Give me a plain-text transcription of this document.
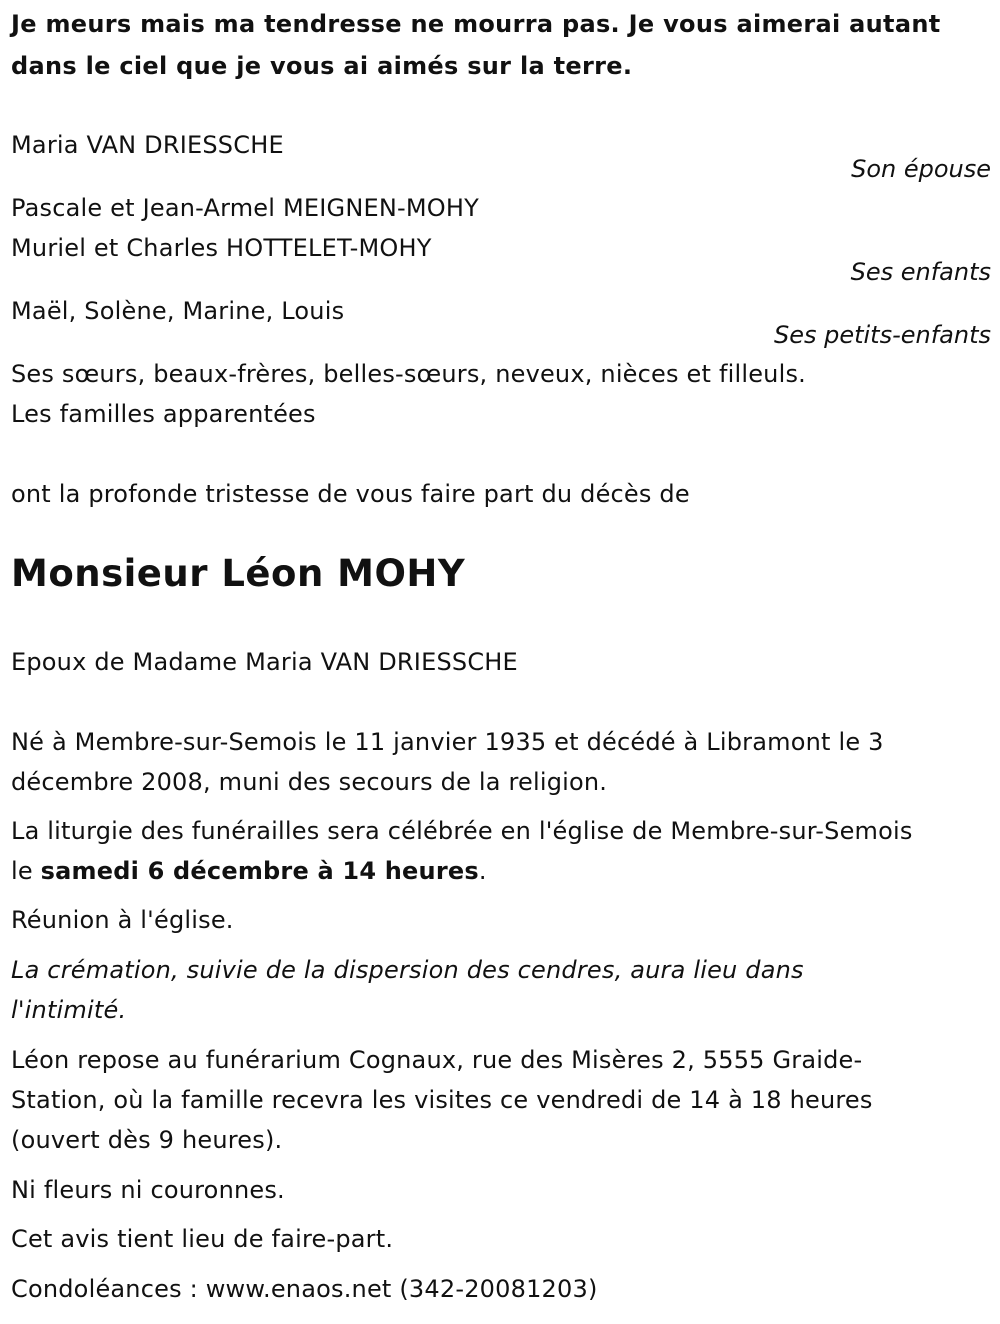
Je meurs mais ma tendresse ne mourra pas. Je vous aimerai autant
dans le ciel que je vous ai aimés sur la terre.
Maria VAN DRIESSCHE
Son épouse
Pascale et Jean-Armel MEIGNEN-MOHY
Muriel et Charles HOTTELET-MOHY
Ses enfants
Maël, Solène, Marine, Louis
Ses petits-enfants
Ses sœurs, beaux-frères, belles-sœurs, neveux, nièces et filleuls.
Les familles apparentées
ont la profonde tristesse de vous faire part du décès de
Monsieur Léon MOHY
Epoux de Madame Maria VAN DRIESSCHE
Né à Membre-sur-Semois le 11 janvier 1935 et décédé à Libramont le 3
décembre 2008, muni des secours de la religion.
La liturgie des funérailles sera célébrée en l'église de Membre-sur-Semois
le samedi 6 décembre à 14 heures.
Réunion à l'église.
La crémation, suivie de la dispersion des cendres, aura lieu dans
l'intimité.
Léon repose au funérarium Cognaux, rue des Misères 2, 5555 Graide-
Station, où la famille recevra les visites ce vendredi de 14 à 18 heures
(ouvert dès 9 heures).
Ni fleurs ni couronnes.
Cet avis tient lieu de faire-part.
Condoléances : www.enaos.net (342-20081203)
